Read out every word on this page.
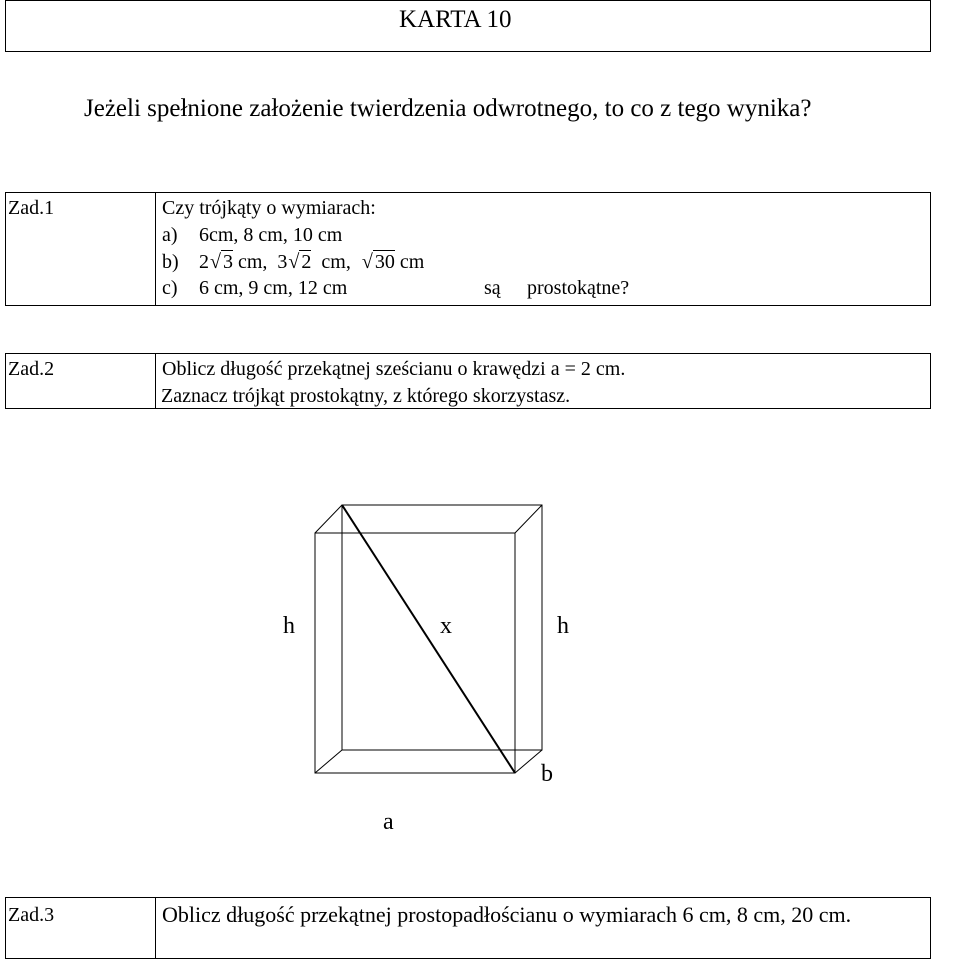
KARTA 10
Jeżeli spełnione założenie twierdzenia odwrotnego, to co z tego wynika?
Zad.1	Czy trójkąty o wymiarach:
a) 6cm, 8 cm, 10 cm
b) 2 √ 3 cm,  3 √ 2  cm,  √ 30 cm
c) 6 cm, 9 cm, 12 cm	są prostokątne?
Zad.2	Oblicz długość przekątnej sześcianu o krawędzi a = 2 cm.
Zaznacz trójkąt prostokątny, z którego skorzystasz.
h	x	h
b
a
Zad.3	Oblicz długość przekątnej prostopadłościanu o wymiarach 6 cm, 8 cm, 20 cm.
